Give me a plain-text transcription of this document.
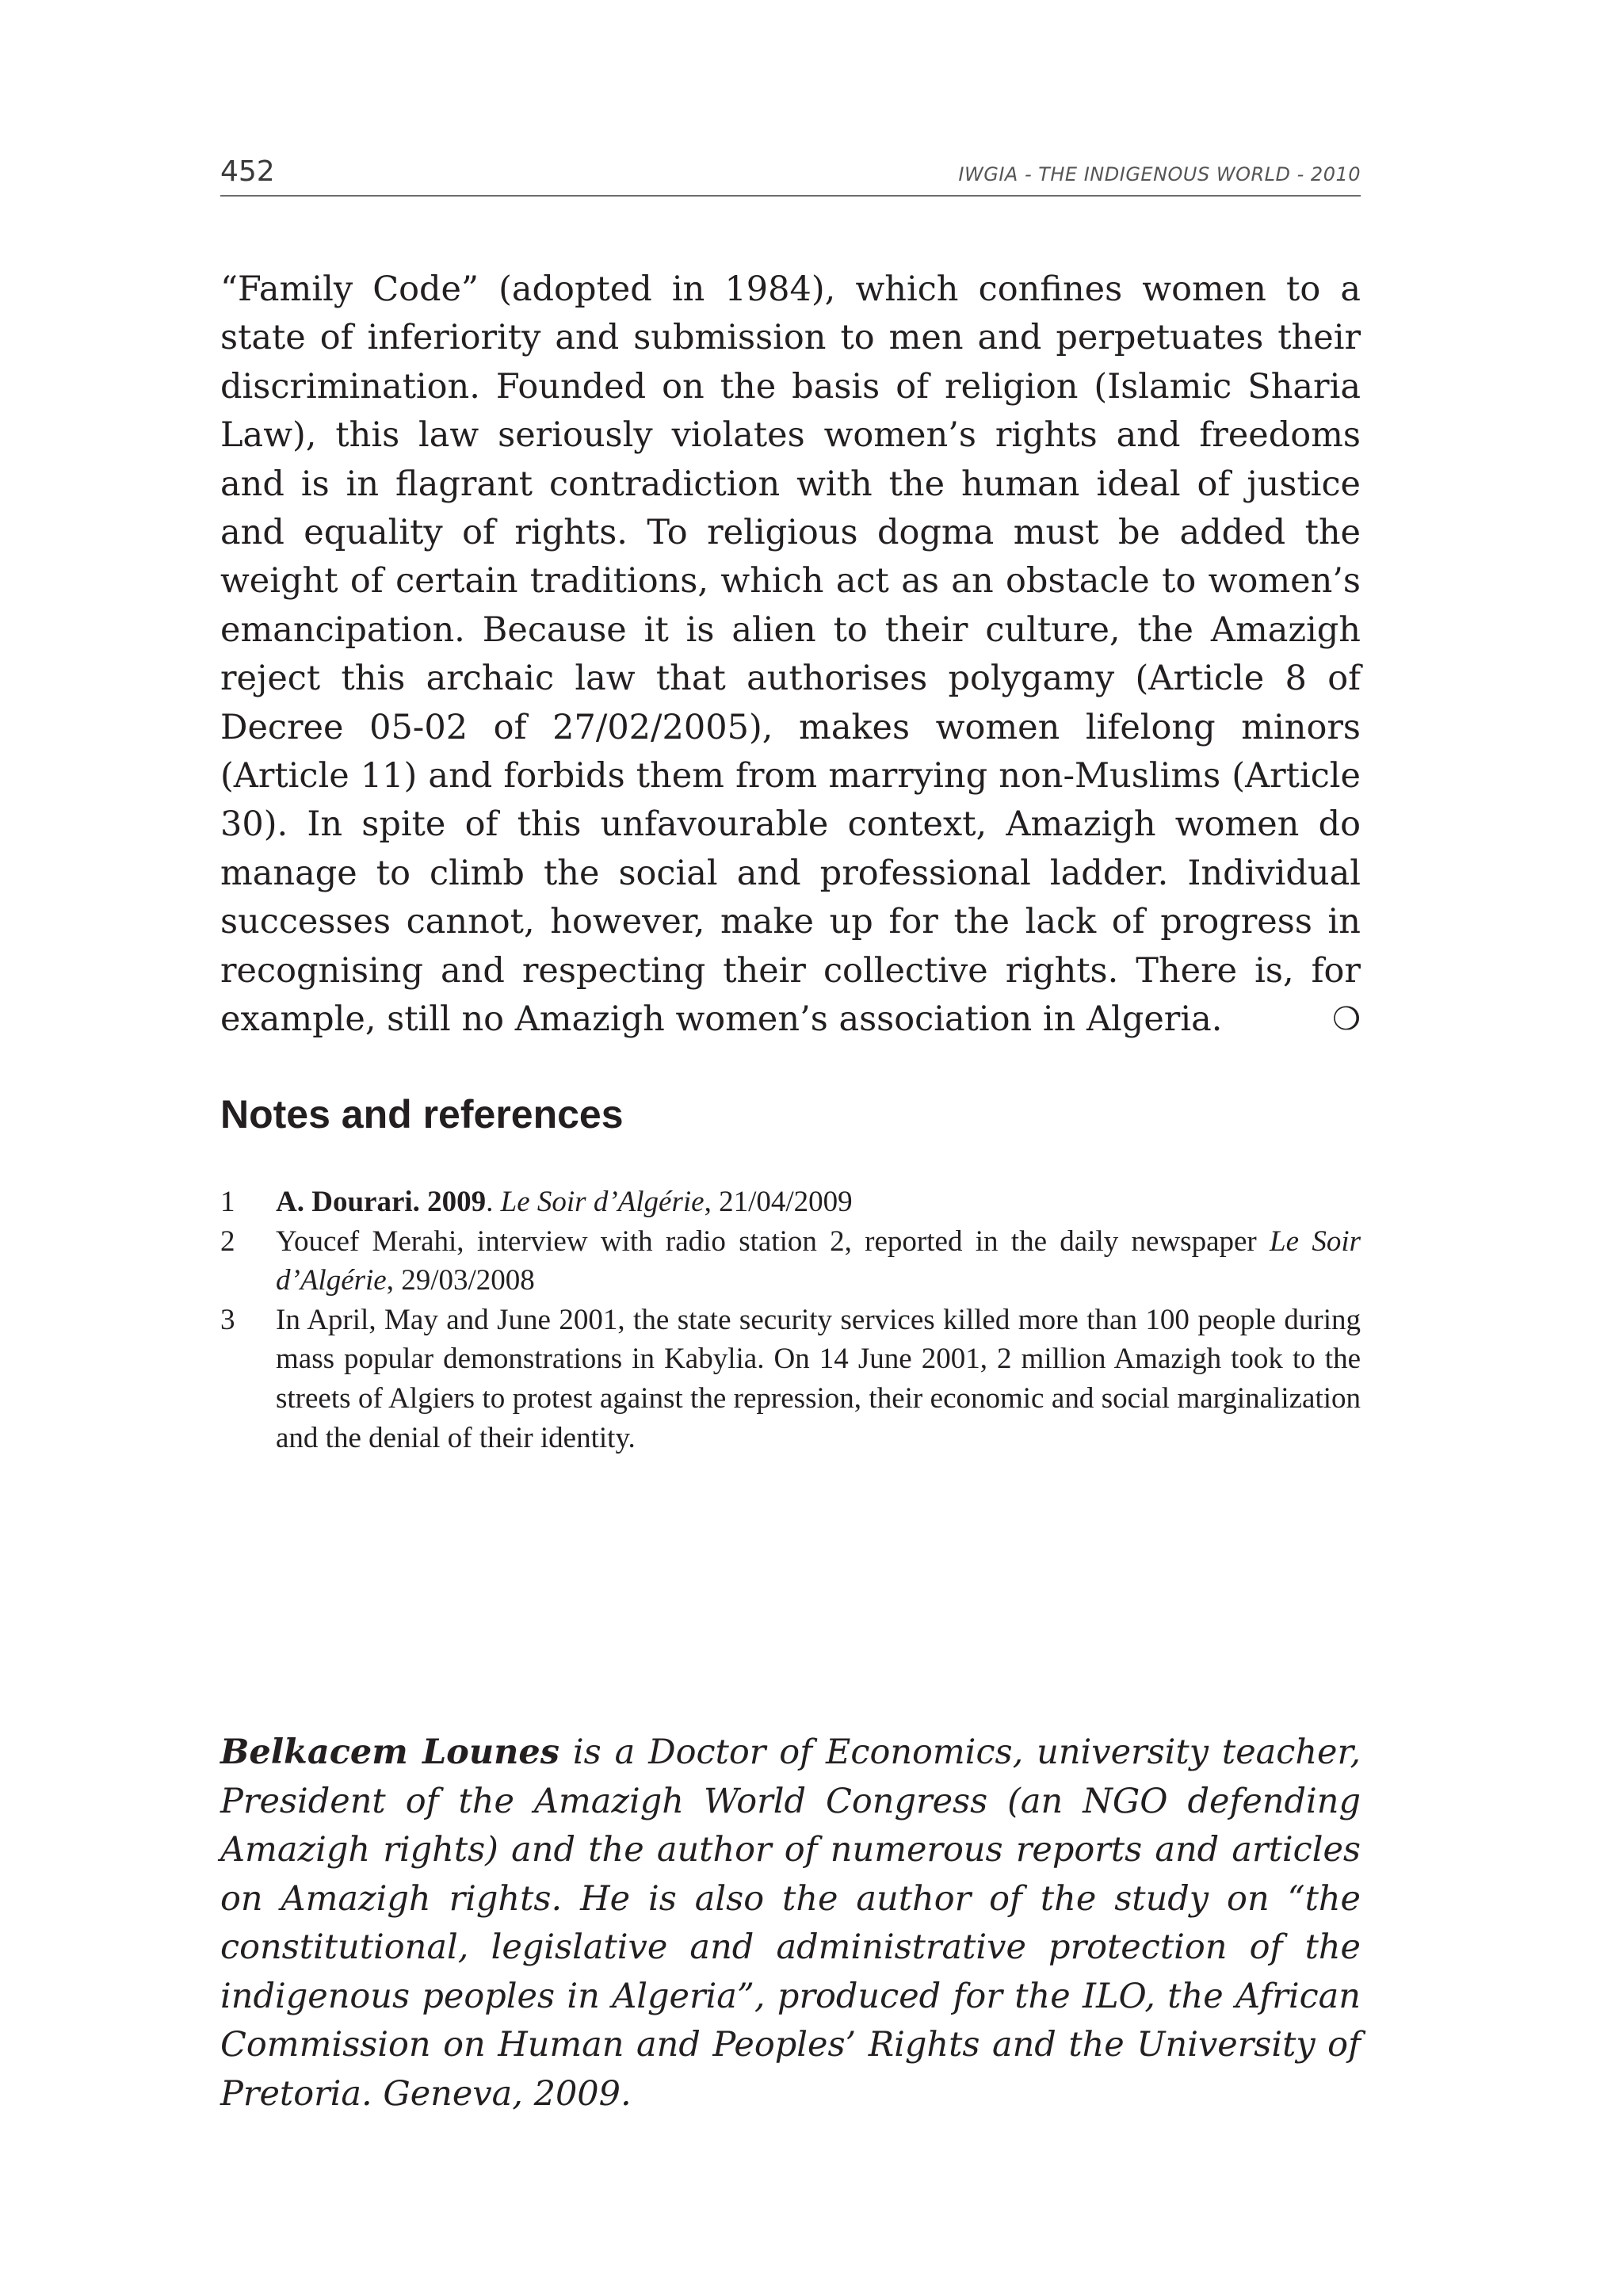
452	IWGIA - THE INDIGENOUS WORLD - 2010

“Family Code” (adopted in 1984), which confines women to a state of inferiority and submission to men and perpetuates their discrimination. Founded on the basis of religion (Islamic Sharia Law), this law seriously violates women’s rights and freedoms and is in flagrant contradiction with the human ideal of justice and equality of rights. To religious dogma must be added the weight of certain traditions, which act as an obstacle to women’s emancipation. Because it is alien to their culture, the Amazigh reject this archaic law that authorises polygamy (Article 8 of Decree 05-02 of 27/02/2005), makes women lifelong minors (Article 11) and forbids them from marrying non-Muslims (Article 30). In spite of this unfavourable context, Amazigh women do manage to climb the social and professional ladder. Individual successes cannot, however, make up for the lack of progress in recognising and respecting their collective rights. There is, for example, still no Amazigh women’s association in Algeria.	❍

Notes and references
1 A. Dourari. 2009. Le Soir d’Algérie, 21/04/2009
2 Youcef Merahi, interview with radio station 2, reported in the daily newspaper Le Soir d’Algérie, 29/03/2008
3 In April, May and June 2001, the state security services killed more than 100 people during mass popular demonstrations in Kabylia. On 14 June 2001, 2 million Amazigh took to the streets of Algiers to protest against the repression, their economic and social marginalization and the denial of their identity.

Belkacem Lounes is a Doctor of Economics, university teacher, President of the Amazigh World Congress (an NGO defending Amazigh rights) and the author of numerous reports and articles on Amazigh rights. He is also the author of the study on “the constitutional, legislative and administrative protection of the indigenous peoples in Algeria”, produced for the ILO, the African Commission on Human and Peoples’ Rights and the University of Pretoria. Geneva, 2009.
